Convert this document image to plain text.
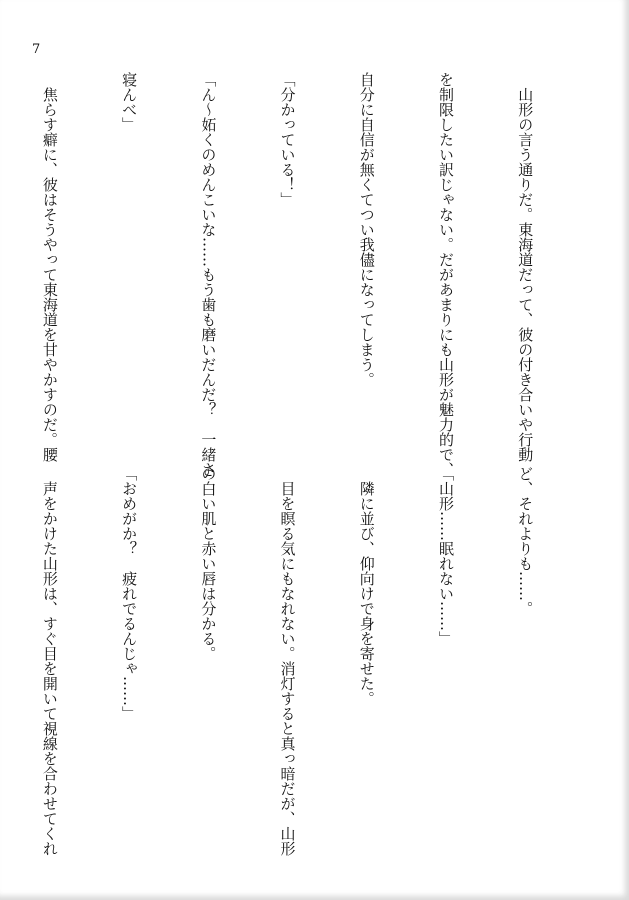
7

　山形の言う通りだ。東海道だって、彼の付き合いや行動

を制限したい訳じゃない。だがあまりにも山形が魅力的で、

自分に自信が無くてつい我儘になってしまう。

「分かっている！」

「ん〜妬くのめんこいな……もう歯も磨いだんだ？　一緒さ

寝んべ」

　焦らす癖に、彼はそうやって東海道を甘やかすのだ。腰

ど、それよりも……。

「山形……眠れない……」

　隣に並び、仰向けで身を寄せた。

　目を瞑る気にもなれない。消灯すると真っ暗だが、山形

の白い肌と赤い唇は分かる。

「おめがか？　疲れでるんじゃ……」

　声をかけた山形は、すぐ目を開いて視線を合わせてくれ
